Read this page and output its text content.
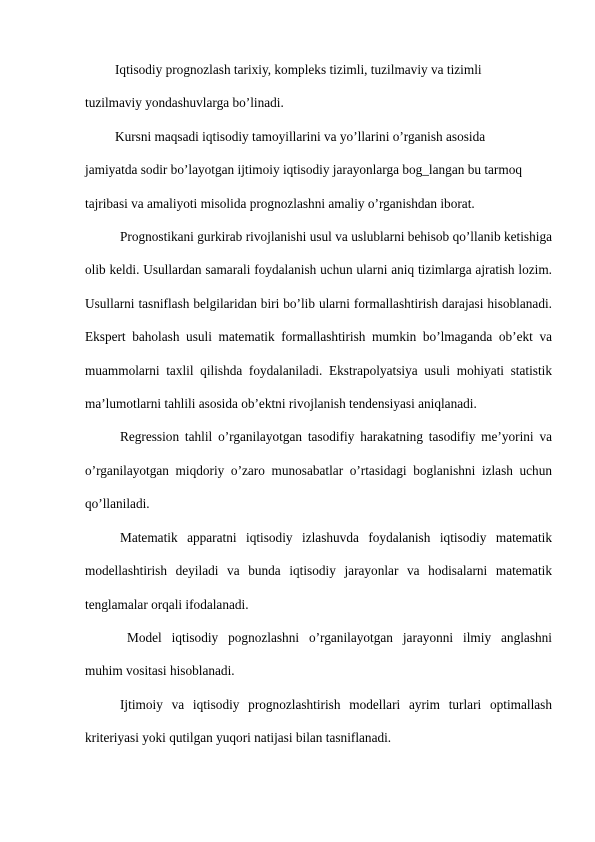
Iqtisodiy prognozlash tarixiy, kompleks tizimli, tuzilmaviy va tizimli
tuzilmaviy yondashuvlarga bo’linadi.

Kursni maqsadi iqtisodiy tamoyillarini va yo’llarini o’rganish asosida
jamiyatda sodir bo’layotgan ijtimoiy iqtisodiy jarayonlarga bog_langan bu tarmoq
tajribasi va amaliyoti misolida prognozlashni amaliy o’rganishdan iborat.

Prognostikani gurkirab rivojlanishi usul va uslublarni behisob qo’llanib ketishiga olib keldi. Usullardan samarali foydalanish uchun ularni aniq tizimlarga ajratish lozim. Usullarni tasniflash belgilaridan biri bo’lib ularni formallashtirish darajasi hisoblanadi. Ekspert baholash usuli matematik formallashtirish mumkin bo’lmaganda ob’ekt va muammolarni taxlil qilishda foydalaniladi. Ekstrapolyatsiya usuli mohiyati statistik ma’lumotlarni tahlili asosida ob’ektni rivojlanish tendensiyasi aniqlanadi.

Regression tahlil o’rganilayotgan tasodifiy harakatning tasodifiy me’yorini va o’rganilayotgan miqdoriy o’zaro munosabatlar o’rtasidagi boglanishni izlash uchun qo’llaniladi.

Matematik apparatni iqtisodiy izlashuvda foydalanish iqtisodiy matematik modellashtirish deyiladi va bunda iqtisodiy jarayonlar va hodisalarni matematik tenglamalar orqali ifodalanadi.

Model iqtisodiy pognozlashni o’rganilayotgan jarayonni ilmiy anglashni muhim vositasi hisoblanadi.

Ijtimoiy va iqtisodiy prognozlashtirish modellari ayrim turlari optimallash kriteriyasi yoki qutilgan yuqori natijasi bilan tasniflanadi.
